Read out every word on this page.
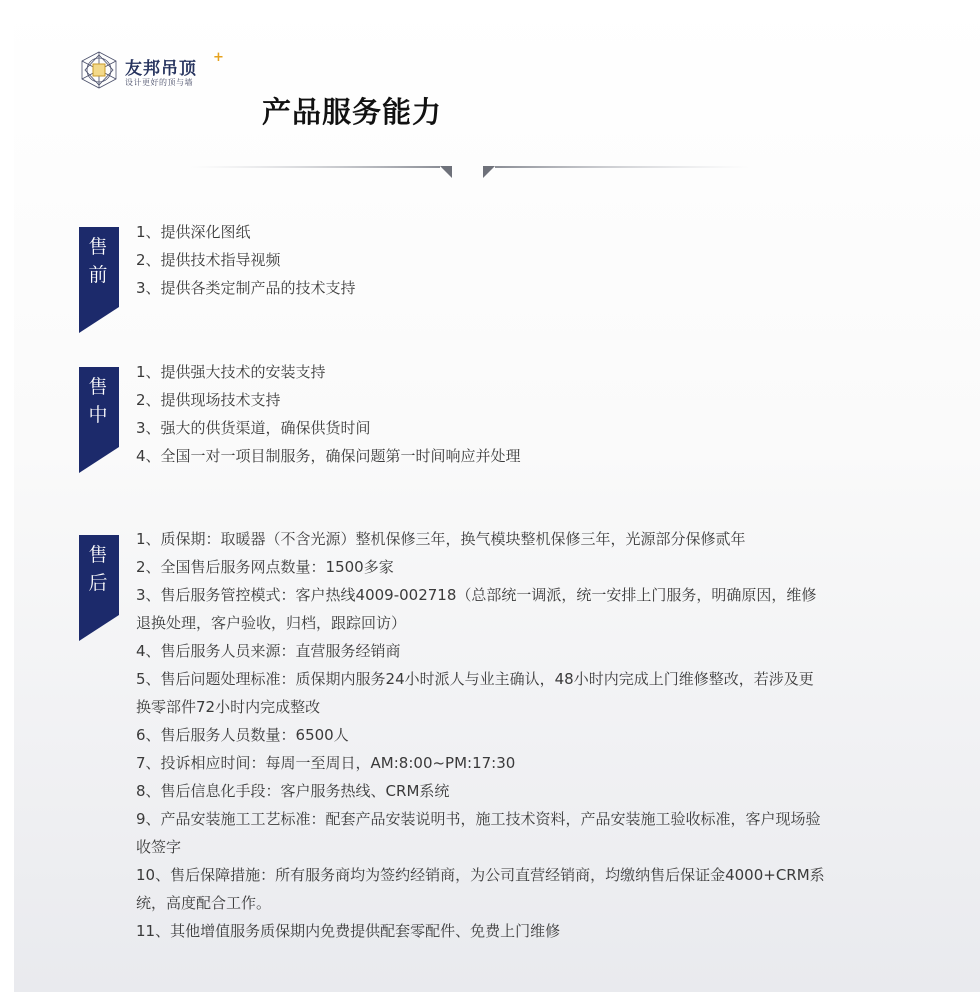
友邦吊顶
+
设计更好的顶与墙
产品服务能力
售
前
1、提供深化图纸
2、提供技术指导视频
3、提供各类定制产品的技术支持
售
中
1、提供强大技术的安装支持
2、提供现场技术支持
3、强大的供货渠道，确保供货时间
4、全国一对一项目制服务，确保问题第一时间响应并处理
售
后
1、质保期：取暖器（不含光源）整机保修三年，换气模块整机保修三年，光源部分保修贰年
2、全国售后服务网点数量：1500多家
3、售后服务管控模式：客户热线4009-002718（总部统一调派，统一安排上门服务，明确原因，维修退换处理，客户验收，归档，跟踪回访）
4、售后服务人员来源：直营服务经销商
5、售后问题处理标准：质保期内服务24小时派人与业主确认，48小时内完成上门维修整改，若涉及更换零部件72小时内完成整改
6、售后服务人员数量：6500人
7、投诉相应时间：每周一至周日，AM:8:00~PM:17:30
8、售后信息化手段：客户服务热线、CRM系统
9、产品安装施工工艺标准：配套产品安装说明书，施工技术资料，产品安装施工验收标准，客户现场验收签字
10、售后保障措施：所有服务商均为签约经销商，为公司直营经销商，均缴纳售后保证金4000+CRM系统，高度配合工作。
11、其他增值服务质保期内免费提供配套零配件、免费上门维修
